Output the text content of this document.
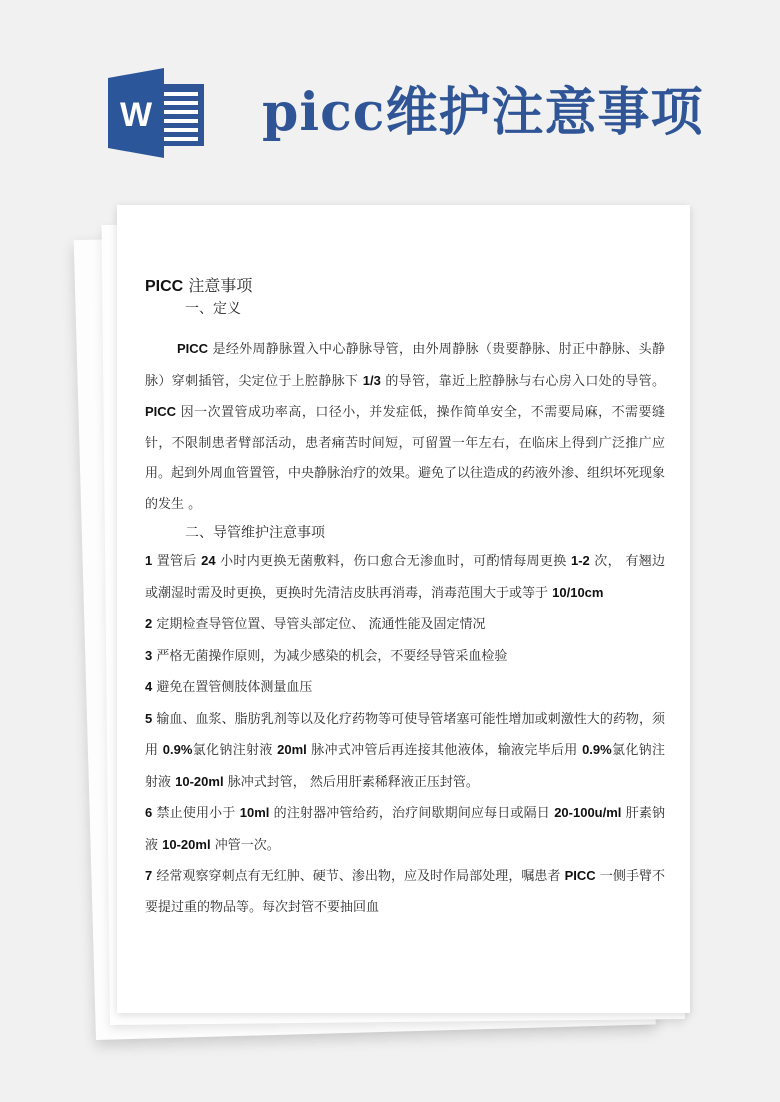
W picc维护注意事项

PICC 注意事项

一、定义

PICC 是经外周静脉置入中心静脉导管，由外周静脉（贵要静脉、肘正中静脉、头静脉）穿刺插管，尖定位于上腔静脉下 1/3 的导管，靠近上腔静脉与右心房入口处的导管。 PICC 因一次置管成功率高，口径小，并发症低，操作简单安全，不需要局麻，不需要缝针，不限制患者臂部活动，患者痛苦时间短，可留置一年左右，在临床上得到广泛推广应用。起到外周血管置管，中央静脉治疗的效果。避免了以往造成的药液外渗、组织坏死现象的发生 。

二、导管维护注意事项

1 置管后 24 小时内更换无菌敷料，伤口愈合无渗血时，可酌情每周更换 1-2 次， 有翘边或潮湿时需及时更换，更换时先清洁皮肤再消毒，消毒范围大于或等于 10/10cm

2 定期检查导管位置、导管头部定位、 流通性能及固定情况

3 严格无菌操作原则，为减少感染的机会，不要经导管采血检验

4 避免在置管侧肢体测量血压

5 输血、血浆、脂肪乳剂等以及化疗药物等可使导管堵塞可能性增加或刺激性大的药物，须用 0.9%氯化钠注射液 20ml 脉冲式冲管后再连接其他液体，输液完毕后用 0.9%氯化钠注射液 10-20ml 脉冲式封管， 然后用肝素稀释液正压封管。

6 禁止使用小于 10ml 的注射器冲管给药，治疗间歇期间应每日或隔日 20-100u/ml 肝素钠液 10-20ml 冲管一次。

7 经常观察穿刺点有无红肿、硬节、渗出物，应及时作局部处理，嘱患者 PICC 一侧手臂不要提过重的物品等。每次封管不要抽回血
